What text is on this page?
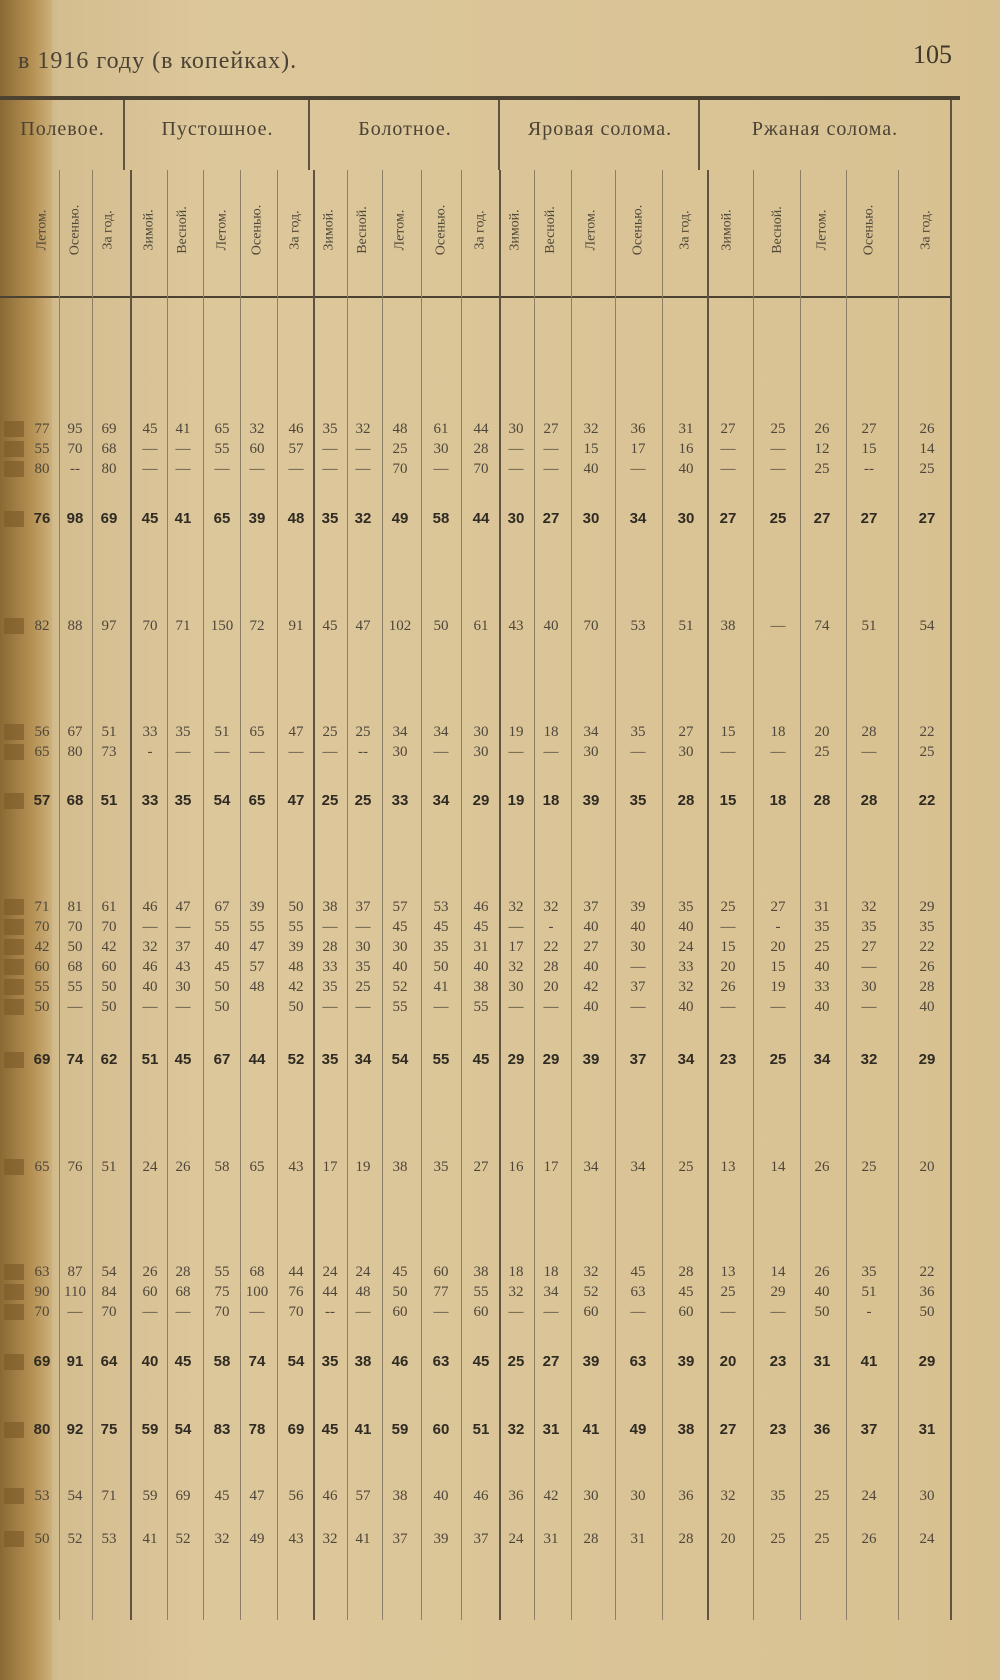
в 1916 году (в копейках).	105
Полевое.	Пустошное.	Болотное.	Яровая солома.	Ржаная солома.
Летом. Осенью. За год. Зимой. Весной. Летом. Осенью. За год. Зимой. Весной. Летом. Осенью. За год. Зимой. Весной. Летом. Осенью. За год. Зимой.	Весной. Летом. Осенью.	За год.
77	95	69	45	41	65	32	46	35	32	48	61	44	30	27	32	36	31	27	25	26	27	26
55	70	68	—	—	55	60	57	—	—	25	30	28	—	—	15	17	16	—	—	12	15	14
80	--	80	—	—	—	—	—	—	—	70	—	70	—	—	40	—	40	—	—	25	--	25
76	98	69	45	41	65	39	48	35	32	49	58	44	30	27	30	34	30	27	25	27	27	27
82	88	97	70	71	150	72	91	45	47	102	50	61	43	40	70	53	51	38	—	74	51	54
56	67	51	33	35	51	65	47	25	25	34	34	30	19	18	34	35	27	15	18	20	28	22
65	80	73	-	—	—	—	—	—	--	30	—	30	—	—	30	—	30	—	—	25	—	25
57	68	51	33	35	54	65	47	25	25	33	34	29	19	18	39	35	28	15	18	28	28	22
71	81	61	46	47	67	39	50	38	37	57	53	46	32	32	37	39	35	25	27	31	32	29
70	70	70	—	—	55	55	55	—	—	45	45	45	—	-	40	40	40	—	-	35	35	35
42	50	42	32	37	40	47	39	28	30	30	35	31	17	22	27	30	24	15	20	25	27	22
60	68	60	46	43	45	57	48	33	35	40	50	40	32	28	40	—	33	20	15	40	—	26
55	55	50	40	30	50	48	42	35	25	52	41	38	30	20	42	37	32	26	19	33	30	28
50	—	50	—	—	50	50	—	—	55	—	55	—	—	40	—	40	—	—	40	—	40
69	74	62	51	45	67	44	52	35	34	54	55	45	29	29	39	37	34	23	25	34	32	29
65	76	51	24	26	58	65	43	17	19	38	35	27	16	17	34	34	25	13	14	26	25	20
63	87	54	26	28	55	68	44	24	24	45	60	38	18	18	32	45	28	13	14	26	35	22
90 110	84	60	68	75	100	76	44	48	50	77	55	32	34	52	63	45	25	29	40	51	36
70	—	70	—	—	70	—	70	--	—	60	—	60	—	—	60	—	60	—	—	50	-	50
69	91	64	40	45	58	74	54	35	38	46	63	45	25	27	39	63	39	20	23	31	41	29
80	92	75	59	54	83	78	69	45	41	59	60	51	32	31	41	49	38	27	23	36	37	31
53	54	71	59	69	45	47	56	46	57	38	40	46	36	42	30	30	36	32	35	25	24	30
50	52	53	41	52	32	49	43	32	41	37	39	37	24	31	28	31	28	20	25	25	26	24
